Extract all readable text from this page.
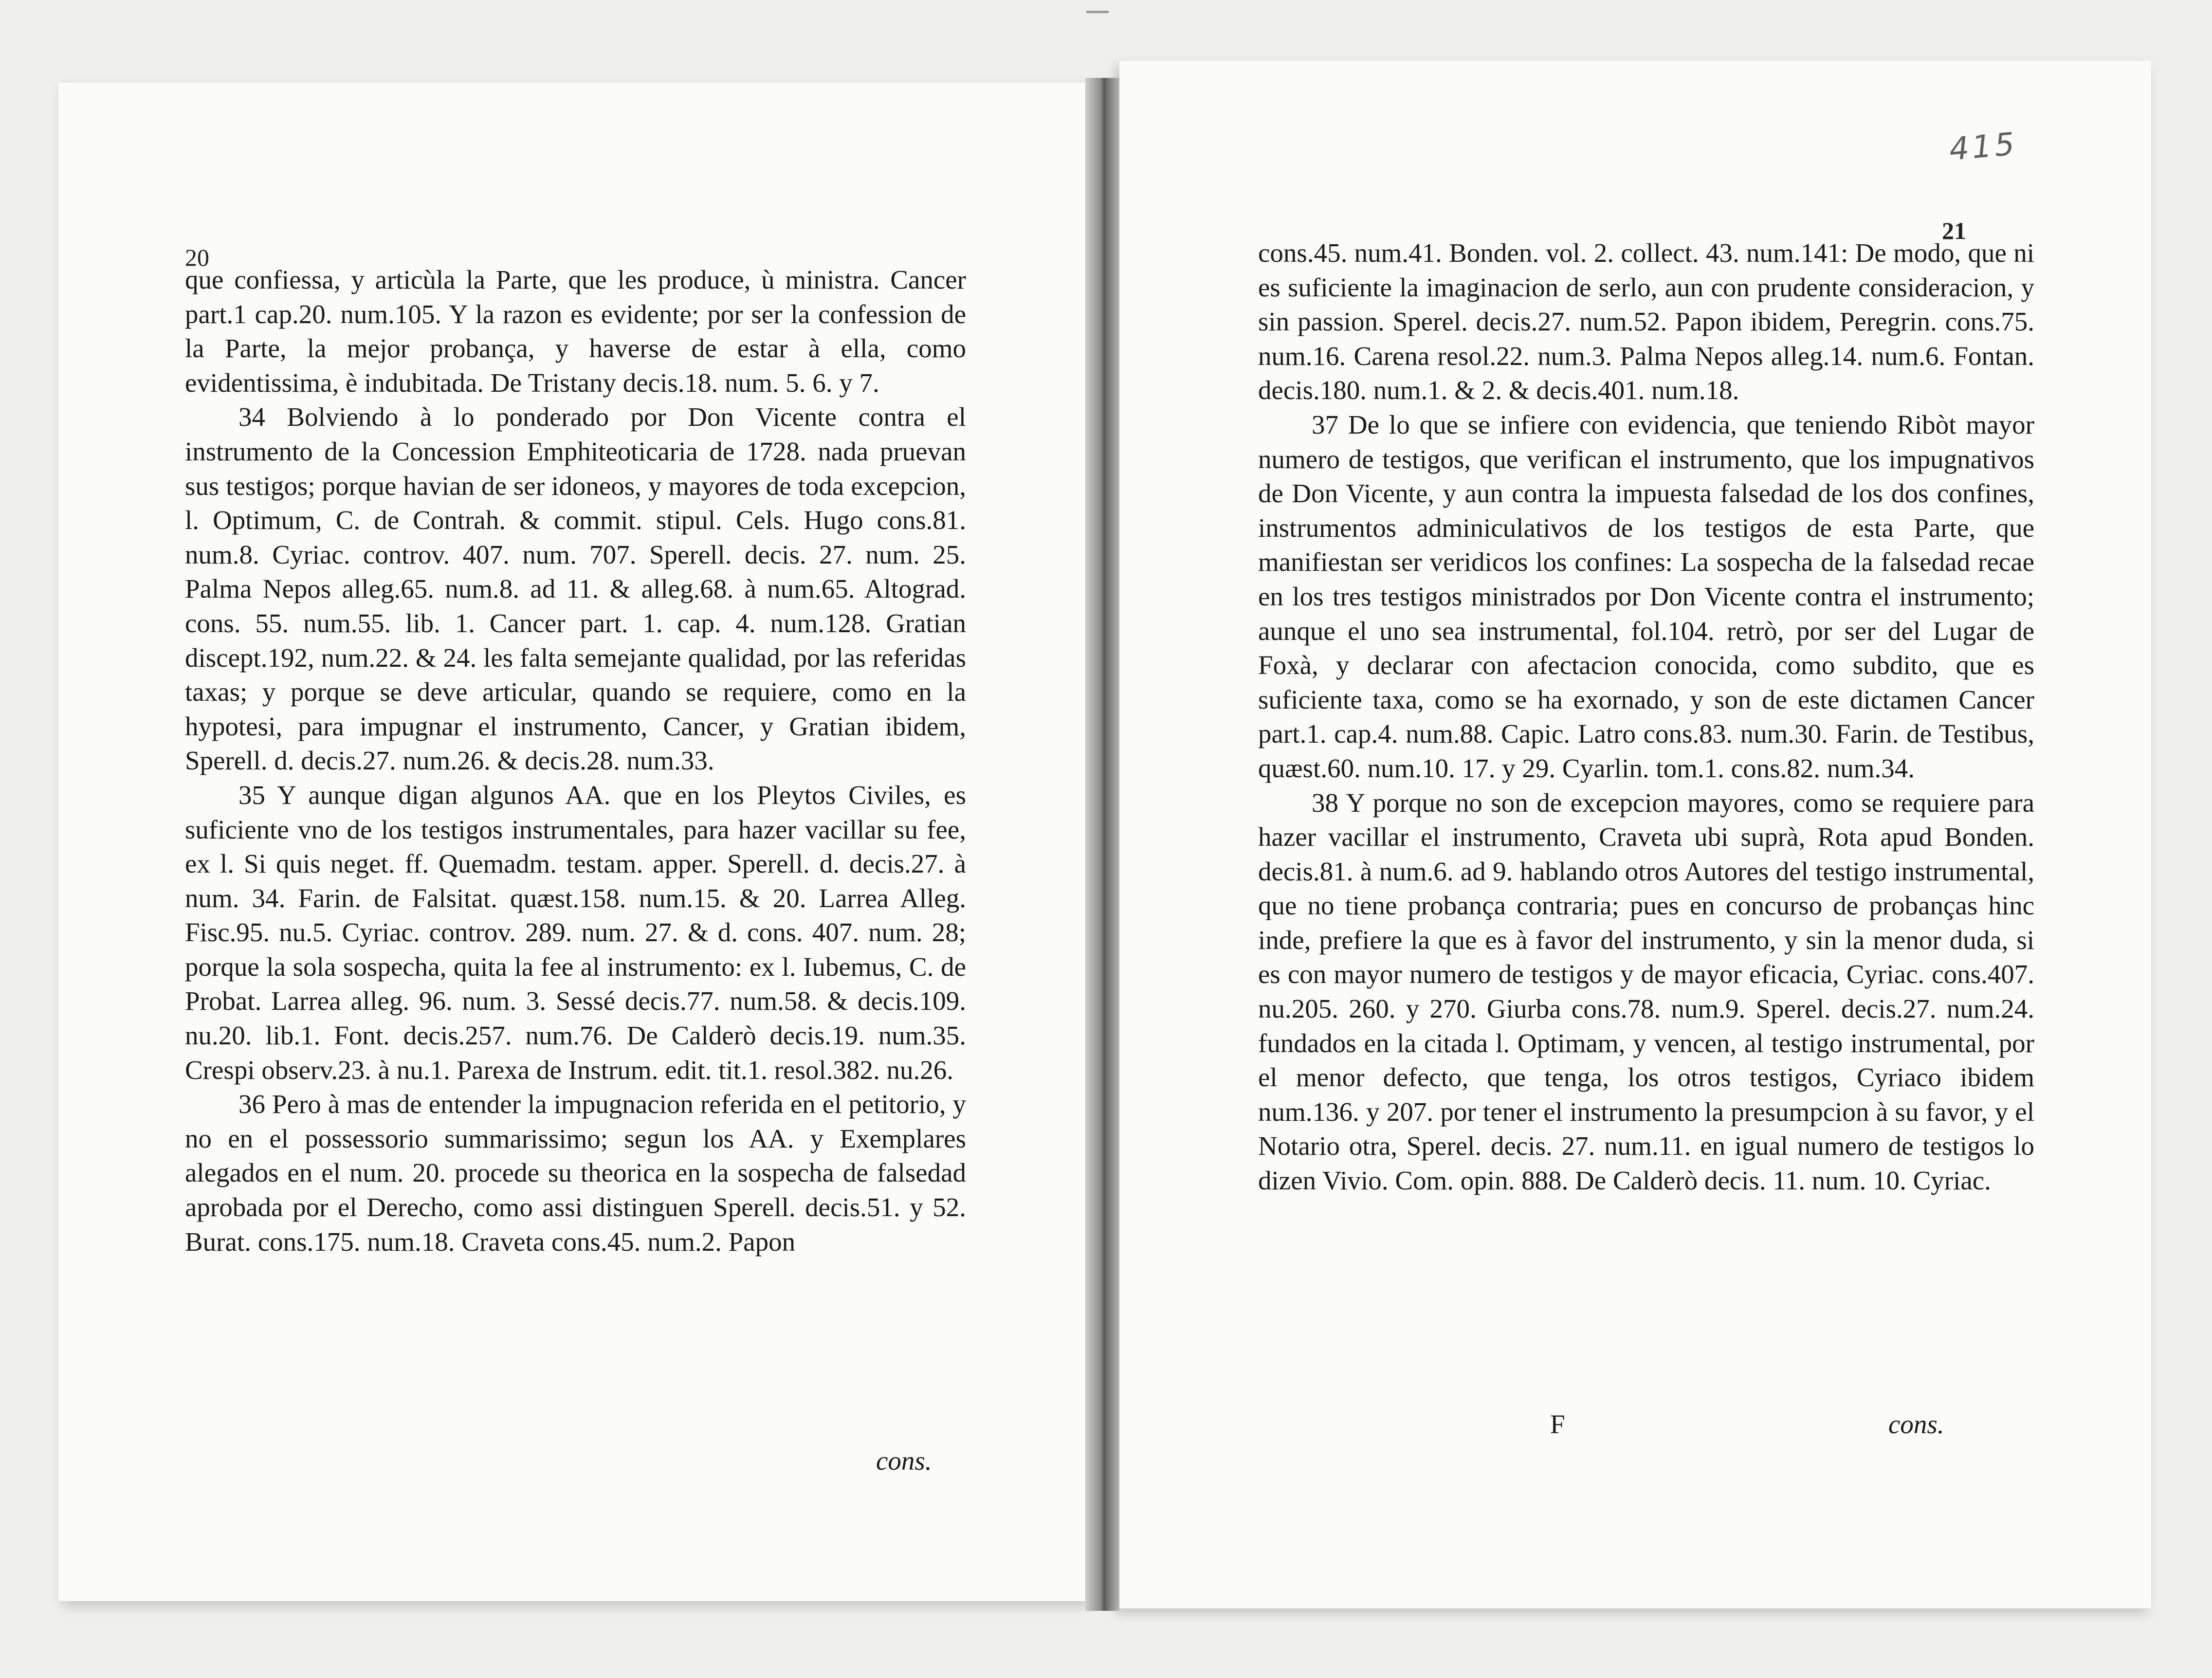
20

que confiessa, y articùla la Parte, que les produce, ù ministra. Cancer part.1 cap.20. num.105. Y la razon es evidente; por ser la confession de la Parte, la mejor probança, y haverse de estar à ella, como evidentissima, è indubitada. De Tristany decis.18. num. 5. 6. y 7.

34 Bolviendo à lo ponderado por Don Vicente contra el instrumento de la Concession Emphiteoticaria de 1728. nada pruevan sus testigos; porque havian de ser idoneos, y mayores de toda excepcion, l. Optimum, C. de Contrah. & commit. stipul. Cels. Hugo cons.81. num.8. Cyriac. controv. 407. num. 707. Sperell. decis. 27. num. 25. Palma Nepos alleg.65. num.8. ad 11. & alleg.68. à num.65. Altograd. cons. 55. num.55. lib. 1. Cancer part. 1. cap. 4. num.128. Gratian discept.192, num.22. & 24. les falta semejante qualidad, por las referidas taxas; y porque se deve articular, quando se requiere, como en la hypotesi, para impugnar el instrumento, Cancer, y Gratian ibidem, Sperell. d. decis.27. num.26. & decis.28. num.33.

35 Y aunque digan algunos AA. que en los Pleytos Civiles, es suficiente vno de los testigos instrumentales, para hazer vacillar su fee, ex l. Si quis neget. ff. Quemadm. testam. apper. Sperell. d. decis.27. à num. 34. Farin. de Falsitat. quæst.158. num.15. & 20. Larrea Alleg. Fisc.95. nu.5. Cyriac. controv. 289. num. 27. & d. cons. 407. num. 28; porque la sola sospecha, quita la fee al instrumento: ex l. Iubemus, C. de Probat. Larrea alleg. 96. num. 3. Sessé decis.77. num.58. & decis.109. nu.20. lib.1. Font. decis.257. num.76. De Calderò decis.19. num.35. Crespi observ.23. à nu.1. Parexa de Instrum. edit. tit.1. resol.382. nu.26.

36 Pero à mas de entender la impugnacion referida en el petitorio, y no en el possessorio summarissimo; segun los AA. y Exemplares alegados en el num. 20. procede su theorica en la sospecha de falsedad aprobada por el Derecho, como assi distinguen Sperell. decis.51. y 52. Burat. cons.175. num.18. Craveta cons.45. num.2. Papon

cons.
415
21

cons.45. num.41. Bonden. vol. 2. collect. 43. num.141: De modo, que ni es suficiente la imaginacion de serlo, aun con prudente consideracion, y sin passion. Sperel. decis.27. num.52. Papon ibidem, Peregrin. cons.75. num.16. Carena resol.22. num.3. Palma Nepos alleg.14. num.6. Fontan. decis.180. num.1. & 2. & decis.401. num.18.

37 De lo que se infiere con evidencia, que teniendo Ribòt mayor numero de testigos, que verifican el instrumento, que los impugnativos de Don Vicente, y aun contra la impuesta falsedad de los dos confines, instrumentos adminiculativos de los testigos de esta Parte, que manifiestan ser veridicos los confines: La sospecha de la falsedad recae en los tres testigos ministrados por Don Vicente contra el instrumento; aunque el uno sea instrumental, fol.104. retrò, por ser del Lugar de Foxà, y declarar con afectacion conocida, como subdito, que es suficiente taxa, como se ha exornado, y son de este dictamen Cancer part.1. cap.4. num.88. Capic. Latro cons.83. num.30. Farin. de Testibus, quæst.60. num.10. 17. y 29. Cyarlin. tom.1. cons.82. num.34.

38 Y porque no son de excepcion mayores, como se requiere para hazer vacillar el instrumento, Craveta ubi suprà, Rota apud Bonden. decis.81. à num.6. ad 9. hablando otros Autores del testigo instrumental, que no tiene probança contraria; pues en concurso de probanças hinc inde, prefiere la que es à favor del instrumento, y sin la menor duda, si es con mayor numero de testigos y de mayor eficacia, Cyriac. cons.407. nu.205. 260. y 270. Giurba cons.78. num.9. Sperel. decis.27. num.24. fundados en la citada l. Optimam, y vencen, al testigo instrumental, por el menor defecto, que tenga, los otros testigos, Cyriaco ibidem num.136. y 207. por tener el instrumento la presumpcion à su favor, y el Notario otra, Sperel. decis. 27. num.11. en igual numero de testigos lo dizen Vivio. Com. opin. 888. De Calderò decis. 11. num. 10. Cyriac.

F	cons.
